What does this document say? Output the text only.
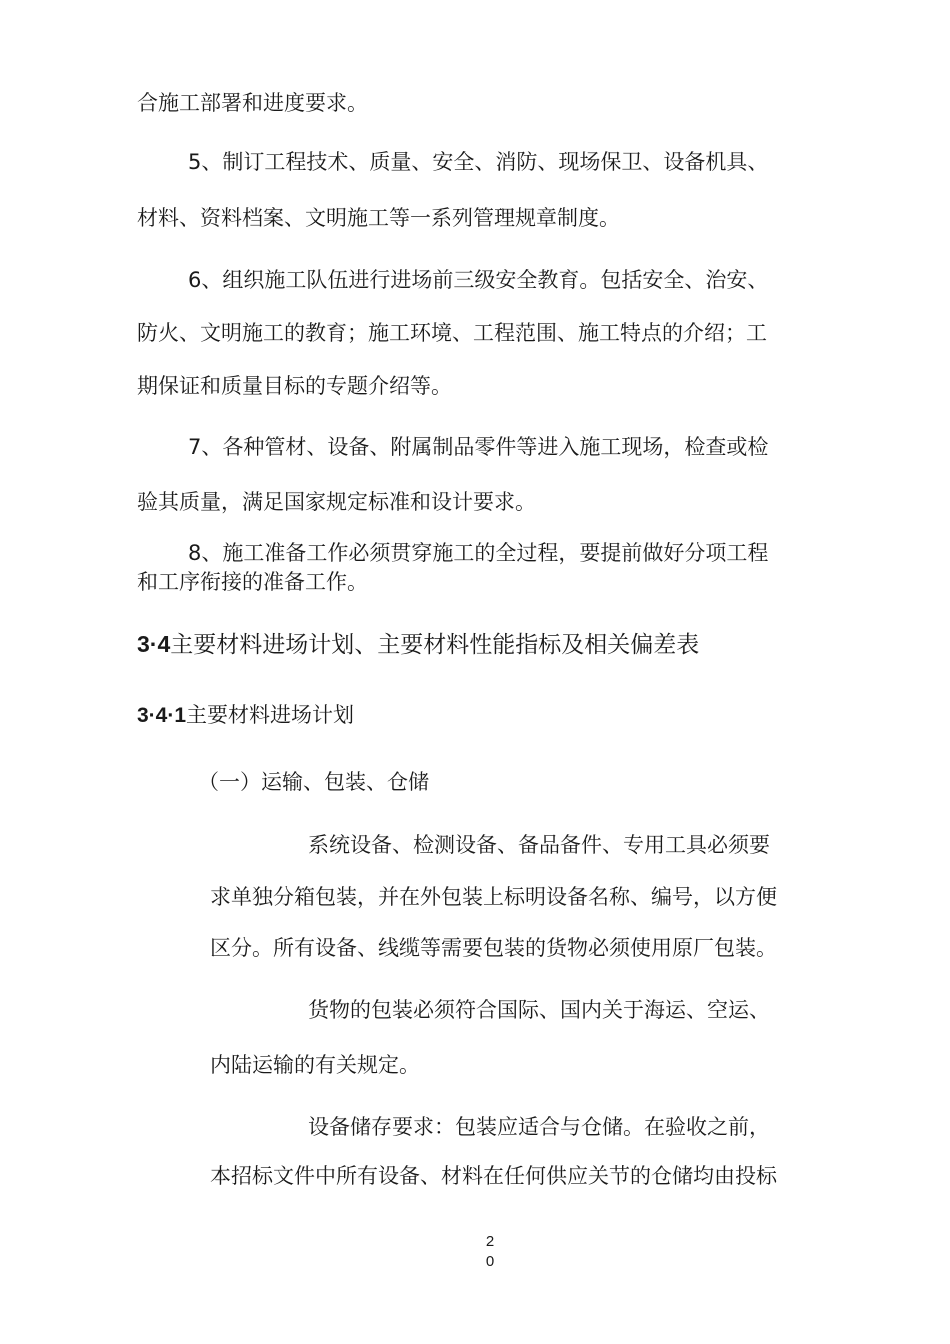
合施工部署和进度要求。
5、制订工程技术、质量、安全、消防、现场保卫、设备机具、
材料、资料档案、文明施工等一系列管理规章制度。
6、组织施工队伍进行进场前三级安全教育。包括安全、治安、
防火、文明施工的教育；施工环境、工程范围、施工特点的介绍；工
期保证和质量目标的专题介绍等。
7、各种管材、设备、附属制品零件等进入施工现场，检查或检
验其质量，满足国家规定标准和设计要求。
8、施工准备工作必须贯穿施工的全过程，要提前做好分项工程
和工序衔接的准备工作。
3·4主要材料进场计划、主要材料性能指标及相关偏差表
3·4·1主要材料进场计划
（一）运输、包装、仓储
系统设备、检测设备、备品备件、专用工具必须要
求单独分箱包装，并在外包装上标明设备名称、编号，以方便
区分。所有设备、线缆等需要包装的货物必须使用原厂包装。
货物的包装必须符合国际、国内关于海运、空运、
内陆运输的有关规定。
设备储存要求：包装应适合与仓储。在验收之前，
本招标文件中所有设备、材料在任何供应关节的仓储均由投标
2
0
